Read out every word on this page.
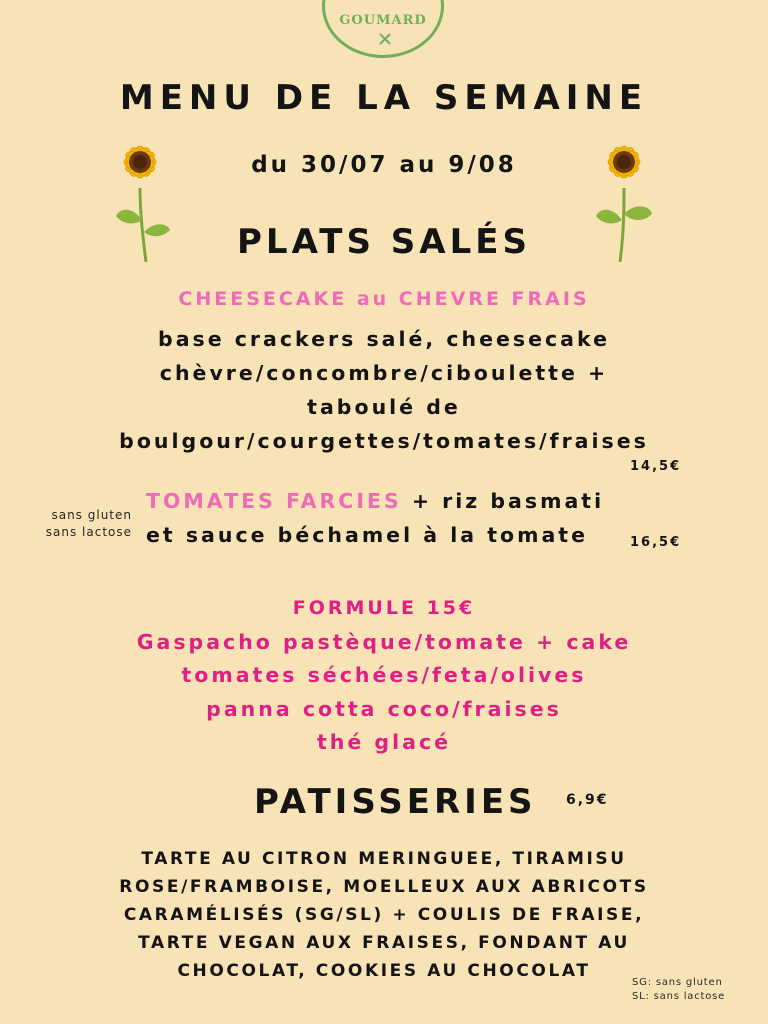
GOUMARD
MENU DE LA SEMAINE
du 30/07 au 9/08
PLATS SALÉS
CHEESECAKE au CHEVRE FRAIS
base crackers salé, cheesecake
chèvre/concombre/ciboulette +
taboulé de
boulgour/courgettes/tomates/fraises
14,5€
sans gluten
sans lactose
TOMATES FARCIES + riz basmati
et sauce béchamel à la tomate	16,5€
FORMULE 15€
Gaspacho pastèque/tomate + cake
tomates séchées/feta/olives
panna cotta coco/fraises
thé glacé
PATISSERIES 6,9€
TARTE AU CITRON MERINGUEE, TIRAMISU
ROSE/FRAMBOISE, MOELLEUX AUX ABRICOTS
CARAMÉLISÉS (SG/SL) + COULIS DE FRAISE,
TARTE VEGAN AUX FRAISES, FONDANT AU
CHOCOLAT, COOKIES AU CHOCOLAT
SG: sans gluten
SL: sans lactose
